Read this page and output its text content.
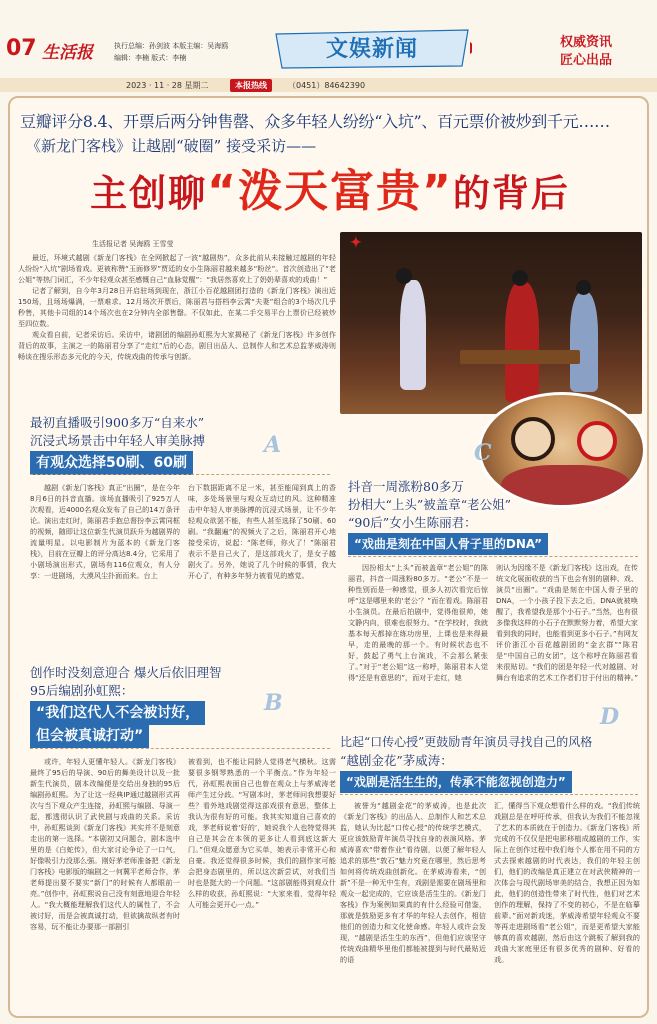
07 生活报	执行总编：孙剑波 本版主编：吴海鸥
编辑：李楠 版式：李楠	文娱新闻	权威资讯
匠心出品
2023 · 11 · 28 星期二	本报热线	（0451）84642390
豆瓣评分8.4、开票后两分钟售罄、众多年轻人纷纷“入坑”、百元票价被炒到千元……
《新龙门客栈》让越剧“破圈” 接受采访——
主创聊“泼天富贵”的背后
生活报记者 吴海鸥 王雪莹

最近，环境式越剧《新龙门客栈》在全网掀起了一波“越剧热”，众多此前从未接触过越剧的年轻人纷纷“入坑”剧场看戏。更被称赞“玉面修罗”贾廷的女小生陈丽君越来越多“粉丝”。首次创造出了“老公姐”等热门词汇，不少年轻观众甚至感慨自己“血脉觉醒”：“我居然喜欢上了奶奶辈喜欢的戏曲！”

记者了解到，自今年3月28日开启驻场到现在，浙江小百花越剧团打造的《新龙门客栈》演出近150场，且场场爆满，一票难求。12月场次开票后，陈丽君与搭档李云霄“夫妻”组合的3个场次几乎秒售，其他卡司组的14个场次也在2分钟内全部售罄。不仅如此，在某二手交易平台上票价已经被炒至四位数。

观众看自前，记者采访后。采访中，诸剧团的编剧孙虹熙为大家揭秘了《新龙门客栈》许多创作背后的故事，主演之一的陈丽君分享了“走红”后的心态，剧目出品人、总制作人和艺术总监茅威涛则畅谈在搜乐形态多元化的今天，传统戏曲的传承与创新。

✦
最初直播吸引900多万“自来水”
沉浸式场景击中年轻人审美脉搏
有观众选择50刷、60刷
A
越剧《新龙门客栈》真正“出圈”，是在今年8月6日的抖音直播。该场直播吸引了925万人次观看，近4000名观众发布了自己的14万条评论。演出走红时，陈丽君手抱总督扮李云霄同框的视频，随即让这位新生代演员跃升为越剧界的流量明星。以电影制片为蓝本的《新龙门客栈》，目前在豆瓣上的评分高达8.4分，它采用了小剧场演出形式，剧场有116位观众，有人分享：一进剧场，大漠风尘扑面而来。台上
台下数据距离不足一米，甚至能闻到真上的香味，多处场景里与观众互动过的风。这种精准击中年轻人审美脉搏的沉浸式场景，让不少年轻观众欲罢不能，有些人甚至选择了50刷、60刷。“我翻遍”的视频火了之后，陈丽君开心地接受采访，说起：“陈老师，你火了！”陈丽君表示不是自己火了，是这部戏火了，是女子越剧火了。另外，她说了几个时候的事情，我大开心了，有种多年努力被看见的感觉。
创作时没刻意迎合 爆火后依旧理智
95后编剧孙虹熙：
“我们这代人不会被讨好，
但会被真诚打动”
B
或许，年轻人更懂年轻人。《新龙门客栈》最终了95后的导演、90后的舞美设计以及一批新生代演员，剧本改编便是交给出身独的95后编剧孙虹熙。为了让这一经典IP通过越剧形式再次与当下观众产生连接，孙虹熙与编剧、导演一起，都透彻认识了武侠剧与戏曲的关系。采访中，孙虹熙谈到《新龙门客栈》其实并不是刻意走出的第一选择。“本剧初又问题合，剧本选中里的是《白蛇传》，但大家讨论争论了一口气，好像吸引力没那么强。刚好茅老师准备把《新龙门客栈》电影版的编剧之一何冀平老师合作，茅老师提出要不要实“新门”的时候有人都眼前一亮。”创作中，孙虹熙说自己没有刻意地迎合年轻人。“我大概能理解我们这代人的属性了，不会被讨好，而是会被真诚打动，但欲擒故纵者有时容易，玩不能让办要那一部剧引
被看到，也不能让同龄人觉得老气横秋。这需要很多钢琴熟悉的一个平衡点。”作为年轻一代，孙虹熙表面自己也曾在观众上与茅威涛老师产生过分歧。“写剧本时，茅老师问我想要好些？看外地戏剧觉得这部戏很有意思，整体上我认为很有好的可能。我其实知道自己喜欢的戏，茅老师说着‘好的’，她说我个人也特觉得其自己是其会在本领的更多让人看到底这新大门。”但观众愿意为它买单，她表示非常开心和自豪。我还觉得很多时候，我们的剧作家可能会把身态剧里的，所以这次新尝试，对我们当时也是挺大的一个问题。“这部剧能得到观众什么样的收获，孙虹熙说：“大家来看，觉得年轻人可能会更开心一点。”
抖音一周涨粉80多万
扮相大“上头”被盖章“老公姐”
“90后”女小生陈丽君：
“戏曲是刻在中国人骨子里的DNA”
C
因扮相太“上头”而被盖章“老公姐”的陈丽君，抖音一周涨粉80多万。“老公”不是一种性别而是一种感觉，很多人初次看完后惊呼“这是哪里来的‘老公’？”而在看戏。陈丽君小生演员。在最后拍剧中，觉得他很帅，她文静内向，很难也很努力。“在学校时，我就基本每天都掉在练功房里，上课也是来得最早，走的最晚的那一个。有时候状态也不好，鼓起了勇气上台演戏，不会那么紧张了。”对于“老公姐”这一称呼，陈丽君本人觉得“还是有意思的”，而对于走红，她
则认为因缘不是《新龙门客栈》这出戏，在传统文化展面收获的当下也会有别的剧种、戏、演员“出圈”。“戏曲是刻在中国人骨子里的DNA，一个小孩子投下去之后，DNA就被唤醒了，我希望我是那个小石子。”当然，也有很多像我这样的小石子在默默努力着，希望大家看到我的同时，也能看到更多小石子。”有网友评价浙江小百花越剧团的“金玄群”“陈君是“中国自己的女团”，这个称呼在陈丽君看来很贴切。“我们的团是年轻一代对越剧、对舞台有追求的艺术工作者们甘于付出的精神。”
D
比起“口传心授”更鼓励青年演员寻找自己的风格
“越剧金花”茅威涛：
“戏剧是活生生的，传承不能忽视创造力”
被誉为“越剧金花”的茅威涛，也是此次《新龙门客栈》的出品人、总制作人和艺术总监，她认为比起“口传心授”的传统学艺模式，更应该鼓励青年演员寻找自身的表演风格。茅威涛喜欢“带着作业”看待剧，以便了解年轻人追求的那些“敦石”魅力究竟在哪里，然后思考如何将传统戏曲创新化。在茅威涛看来，“创新”不是一种无中生有，戏剧是需要在剧场里和观众一起完成的，它应该是活生生的。《新龙门客栈》作为案例如果真的有什么经验可借鉴，那就是鼓励更多有才华的年轻人去创作，相信他们的创造力和文化使命感。年轻人或许会发现，“越剧是活生生的东西”，但他们应该坚守传统戏曲精华里他们都能被提到与时代最贴近的语
汇，懂得当下观众想看什么样的戏。“我们传统戏剧总是在呼吁传承，但我认为我们不能忽视了艺术的本质就在于创造力。《新龙门客栈》所完成的不仅仅是把电影移植成越剧的工作，实际上在创作过程中我们每个人都在用不同的方式去探索越剧的时代表达，我们的年轻主创们，他们的改编是真正建立在对武侠精神的一次体会与现代剧场审美的结合，我想正因为如此，他们的创造性带来了时代性，他们对艺术创作的理解，保持了不变的初心，不是在临摹前辈。”面对新戏迷，茅威涛希望年轻观众不要等再走进剧场看“老公姐”，而是更希望大家能够真的喜欢越剧，然后由这个跳板了解到我的戏曲大家庭里还有很多优秀的剧种、好看的戏。
